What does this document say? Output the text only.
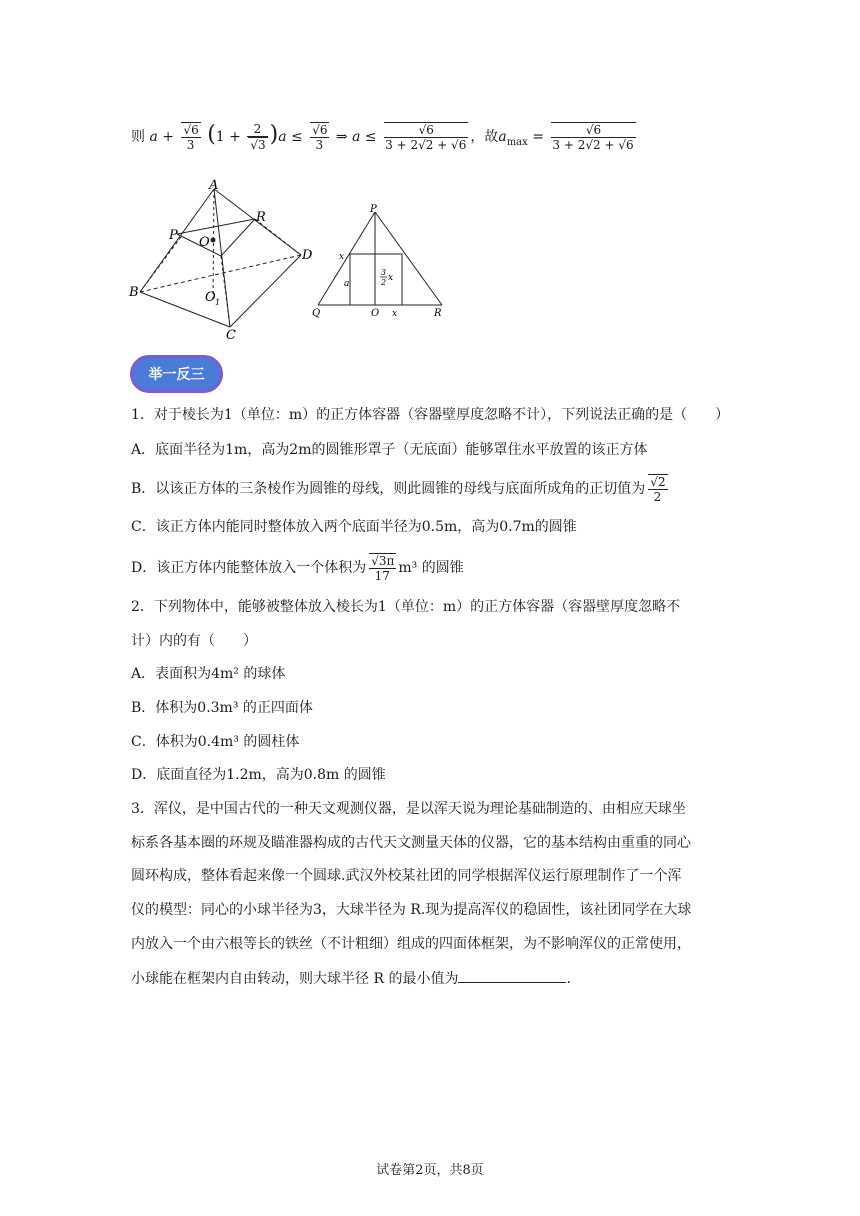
则 $a + \frac{√6}{3} (1 + \frac{2}{√3} )a \le \frac{√6}{3}$ ⇒ $a \le \frac{√6}{3 + 2√2 + √6}$ ，故$a_{max} = \frac{√6}{3 + 2√2 + √6}$
A
R
P O
D
B	O 1
C
P
x
a
3
2 x
Q	O x	R
举一反三
1．对于棱长为1（单位：m）的正方体容器（容器壁厚度忽略不计），下列说法正确的是（　　）
A．底面半径为1m，高为2m的圆锥形罩子（无底面）能够罩住水平放置的该正方体
B．以该正方体的三条棱作为圆锥的母线，则此圆锥的母线与底面所成角的正切值为 $\frac{√2}{2}$
C．该正方体内能同时整体放入两个底面半径为0.5m，高为0.7m的圆锥
D．该正方体内能整体放入一个体积为 $\frac{√3\pi}{17} m^3$ 的圆锥
2．下列物体中，能够被整体放入棱长为1（单位：m）的正方体容器（容器壁厚度忽略不
计）内的有（　　）
A．表面积为4m² 的球体
B．体积为0.3m³ 的正四面体
C．体积为0.4m³ 的圆柱体
D．底面直径为1.2m，高为0.8m 的圆锥
3．浑仪，是中国古代的一种天文观测仪器，是以浑天说为理论基础制造的、由相应天球坐
标系各基本圈的环规及瞄准器构成的古代天文测量天体的仪器，它的基本结构由重重的同心
圆环构成，整体看起来像一个圆球.武汉外校某社团的同学根据浑仪运行原理制作了一个浑
仪的模型：同心的小球半径为3，大球半径为 R.现为提高浑仪的稳固性，该社团同学在大球
内放入一个由六根等长的铁丝（不计粗细）组成的四面体框架，为不影响浑仪的正常使用，
小球能在框架内自由转动，则大球半径 R 的最小值为	.
试卷第2页，共8页
